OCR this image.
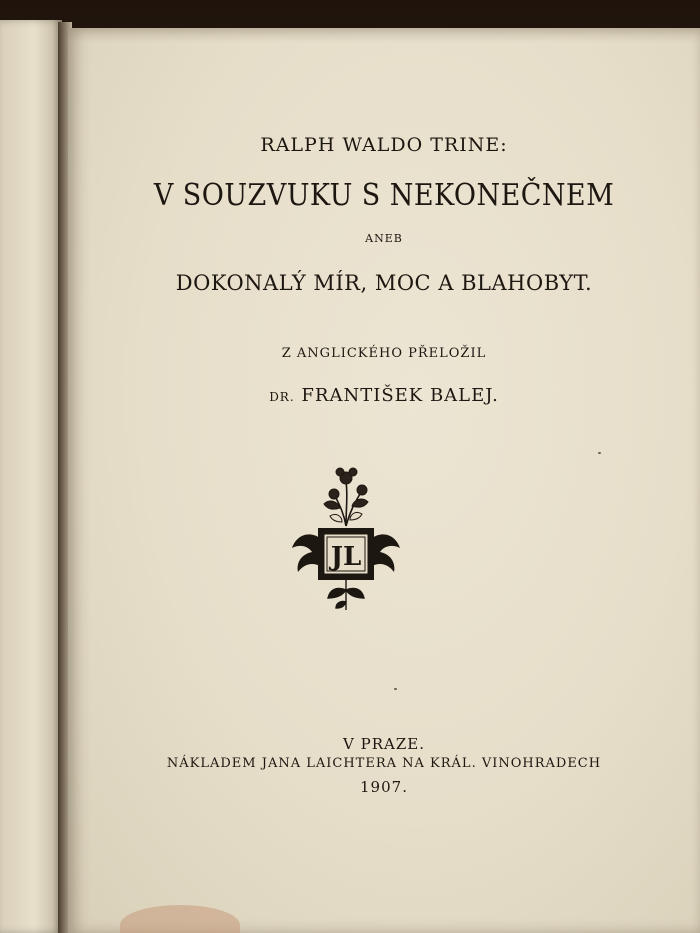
RALPH WALDO TRINE:

V SOUZVUKU S NEKONEČNEM

ANEB

DOKONALÝ MÍR, MOC A BLAHOBYT.

Z ANGLICKÉHO PŘELOŽIL

DR. FRANTIŠEK BALEJ.

JL

V PRAZE.

NÁKLADEM JANA LAICHTERA NA KRÁL. VINOHRADECH

1907.
